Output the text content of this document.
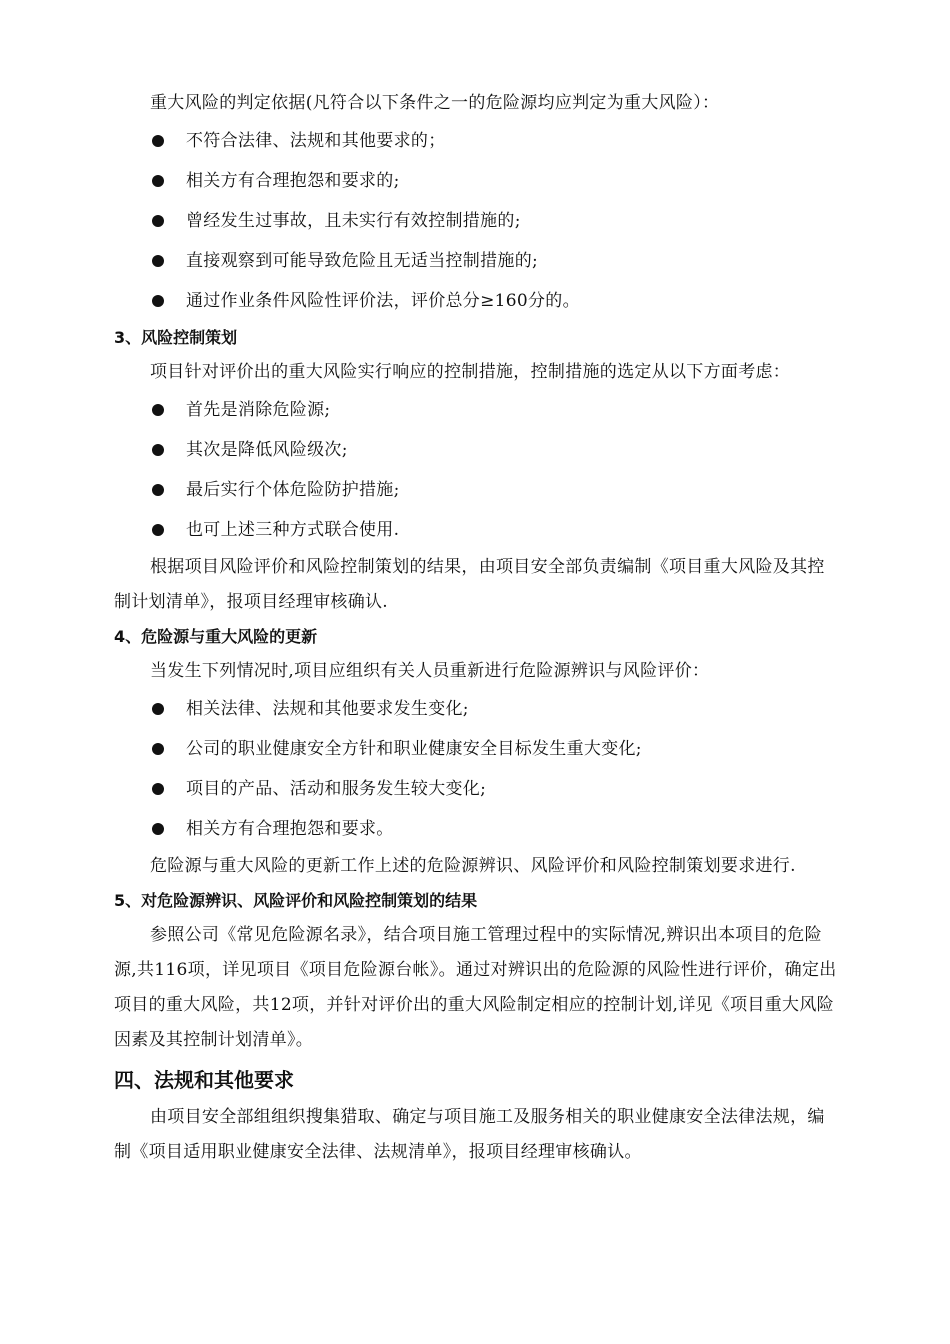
重大风险的判定依据(凡符合以下条件之一的危险源均应判定为重大风险）：

不符合法律、法规和其他要求的；
相关方有合理抱怨和要求的;
曾经发生过事故，且未实行有效控制措施的;
直接观察到可能导致危险且无适当控制措施的;
通过作业条件风险性评价法，评价总分≥160分的。
3、风险控制策划

项目针对评价出的重大风险实行响应的控制措施，控制措施的选定从以下方面考虑：

首先是消除危险源;
其次是降低风险级次;
最后实行个体危险防护措施;
也可上述三种方式联合使用.

根据项目风险评价和风险控制策划的结果，由项目安全部负责编制《项目重大风险及其控制计划清单》，报项目经理审核确认.

4、危险源与重大风险的更新

当发生下列情况时,项目应组织有关人员重新进行危险源辨识与风险评价：

相关法律、法规和其他要求发生变化;
公司的职业健康安全方针和职业健康安全目标发生重大变化;
项目的产品、活动和服务发生较大变化;
相关方有合理抱怨和要求。

危险源与重大风险的更新工作上述的危险源辨识、风险评价和风险控制策划要求进行.

5、对危险源辨识、风险评价和风险控制策划的结果

参照公司《常见危险源名录》，结合项目施工管理过程中的实际情况,辨识出本项目的危险源,共116项，详见项目《项目危险源台帐》。通过对辨识出的危险源的风险性进行评价，确定出项目的重大风险，共12项，并针对评价出的重大风险制定相应的控制计划,详见《项目重大风险因素及其控制计划清单》。

四、法规和其他要求

由项目安全部组组织搜集猎取、确定与项目施工及服务相关的职业健康安全法律法规，编制《项目适用职业健康安全法律、法规清单》，报项目经理审核确认。
